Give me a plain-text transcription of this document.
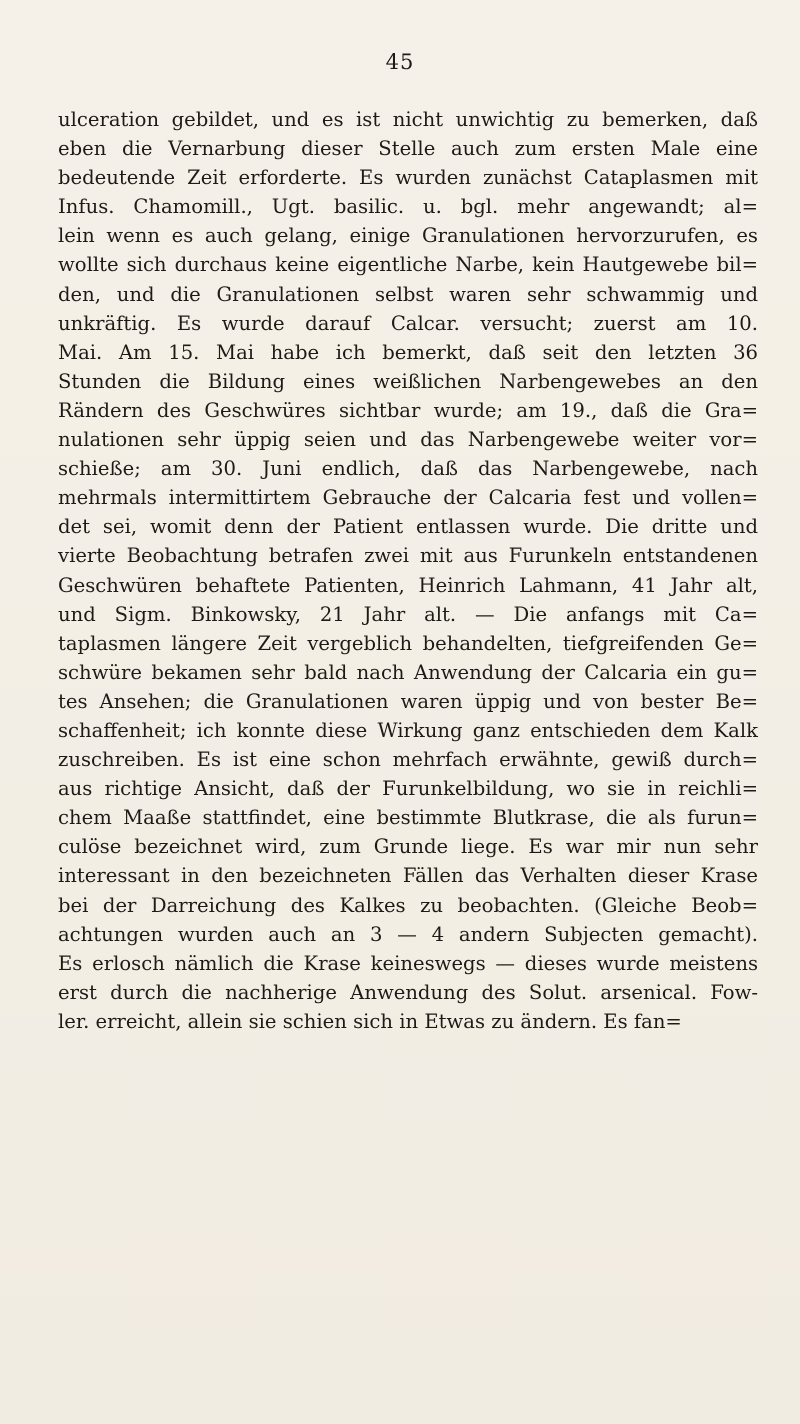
45
ulceration gebildet, und es ist nicht unwichtig zu bemerken, daß
eben die Vernarbung dieser Stelle auch zum ersten Male eine
bedeutende Zeit erforderte. Es wurden zunächst Cataplasmen mit
Infus. Chamomill., Ugt. basilic. u. bgl. mehr angewandt; al=
lein wenn es auch gelang, einige Granulationen hervorzurufen, es
wollte sich durchaus keine eigentliche Narbe, kein Hautgewebe bil=
den, und die Granulationen selbst waren sehr schwammig und
unkräftig. Es wurde darauf Calcar. versucht; zuerst am 10.
Mai. Am 15. Mai habe ich bemerkt, daß seit den letzten 36
Stunden die Bildung eines weißlichen Narbengewebes an den
Rändern des Geschwüres sichtbar wurde; am 19., daß die Gra=
nulationen sehr üppig seien und das Narbengewebe weiter vor=
schieße; am 30. Juni endlich, daß das Narbengewebe, nach
mehrmals intermittirtem Gebrauche der Calcaria fest und vollen=
det sei, womit denn der Patient entlassen wurde. Die dritte und
vierte Beobachtung betrafen zwei mit aus Furunkeln entstandenen
Geschwüren behaftete Patienten, Heinrich Lahmann, 41 Jahr alt,
und Sigm. Binkowsky, 21 Jahr alt. — Die anfangs mit Ca=
taplasmen längere Zeit vergeblich behandelten, tiefgreifenden Ge=
schwüre bekamen sehr bald nach Anwendung der Calcaria ein gu=
tes Ansehen; die Granulationen waren üppig und von bester Be=
schaffenheit; ich konnte diese Wirkung ganz entschieden dem Kalk
zuschreiben. Es ist eine schon mehrfach erwähnte, gewiß durch=
aus richtige Ansicht, daß der Furunkelbildung, wo sie in reichli=
chem Maaße stattfindet, eine bestimmte Blutkrase, die als furun=
culöse bezeichnet wird, zum Grunde liege. Es war mir nun sehr
interessant in den bezeichneten Fällen das Verhalten dieser Krase
bei der Darreichung des Kalkes zu beobachten. (Gleiche Beob=
achtungen wurden auch an 3 — 4 andern Subjecten gemacht).
Es erlosch nämlich die Krase keineswegs — dieses wurde meistens
erst durch die nachherige Anwendung des Solut. arsenical. Fow-
ler. erreicht, allein sie schien sich in Etwas zu ändern. Es fan=
